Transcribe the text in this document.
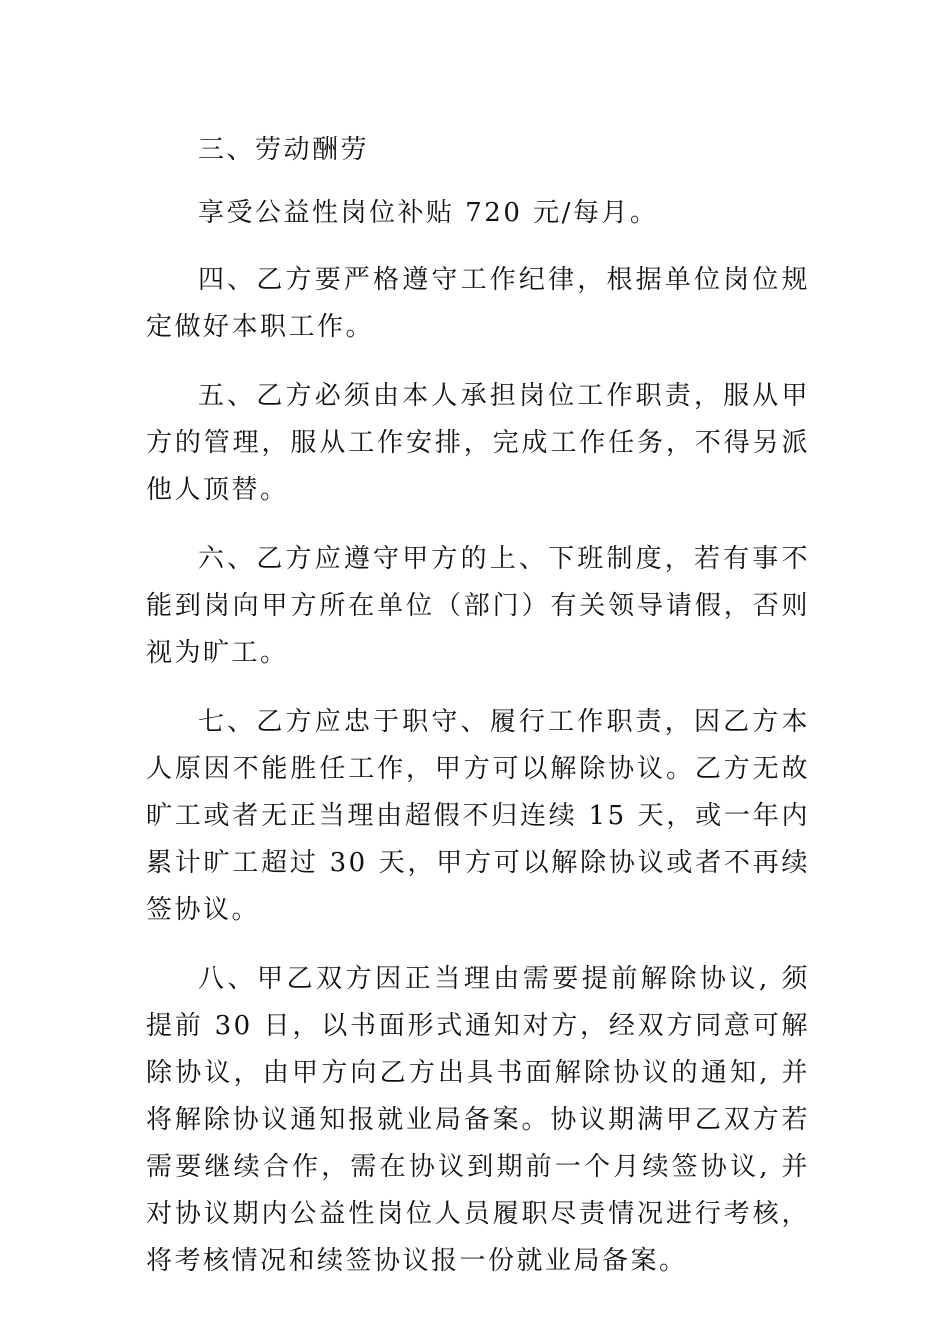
三、劳动酬劳

享受公益性岗位补贴 720 元/每月。

四、乙方要严格遵守工作纪律，根据单位岗位规定做好本职工作。

五、乙方必须由本人承担岗位工作职责，服从甲方的管理，服从工作安排，完成工作任务，不得另派他人顶替。

六、乙方应遵守甲方的上、下班制度，若有事不能到岗向甲方所在单位（部门）有关领导请假，否则视为旷工。

七、乙方应忠于职守、履行工作职责，因乙方本人原因不能胜任工作，甲方可以解除协议。乙方无故旷工或者无正当理由超假不归连续 15 天，或一年内累计旷工超过 30 天，甲方可以解除协议或者不再续签协议。

八、甲乙双方因正当理由需要提前解除协议, 须提前 30 日，以书面形式通知对方，经双方同意可解除协议，由甲方向乙方出具书面解除协议的通知, 并将解除协议通知报就业局备案。协议期满甲乙双方若需要继续合作，需在协议到期前一个月续签协议, 并对协议期内公益性岗位人员履职尽责情况进行考核，将考核情况和续签协议报一份就业局备案。
